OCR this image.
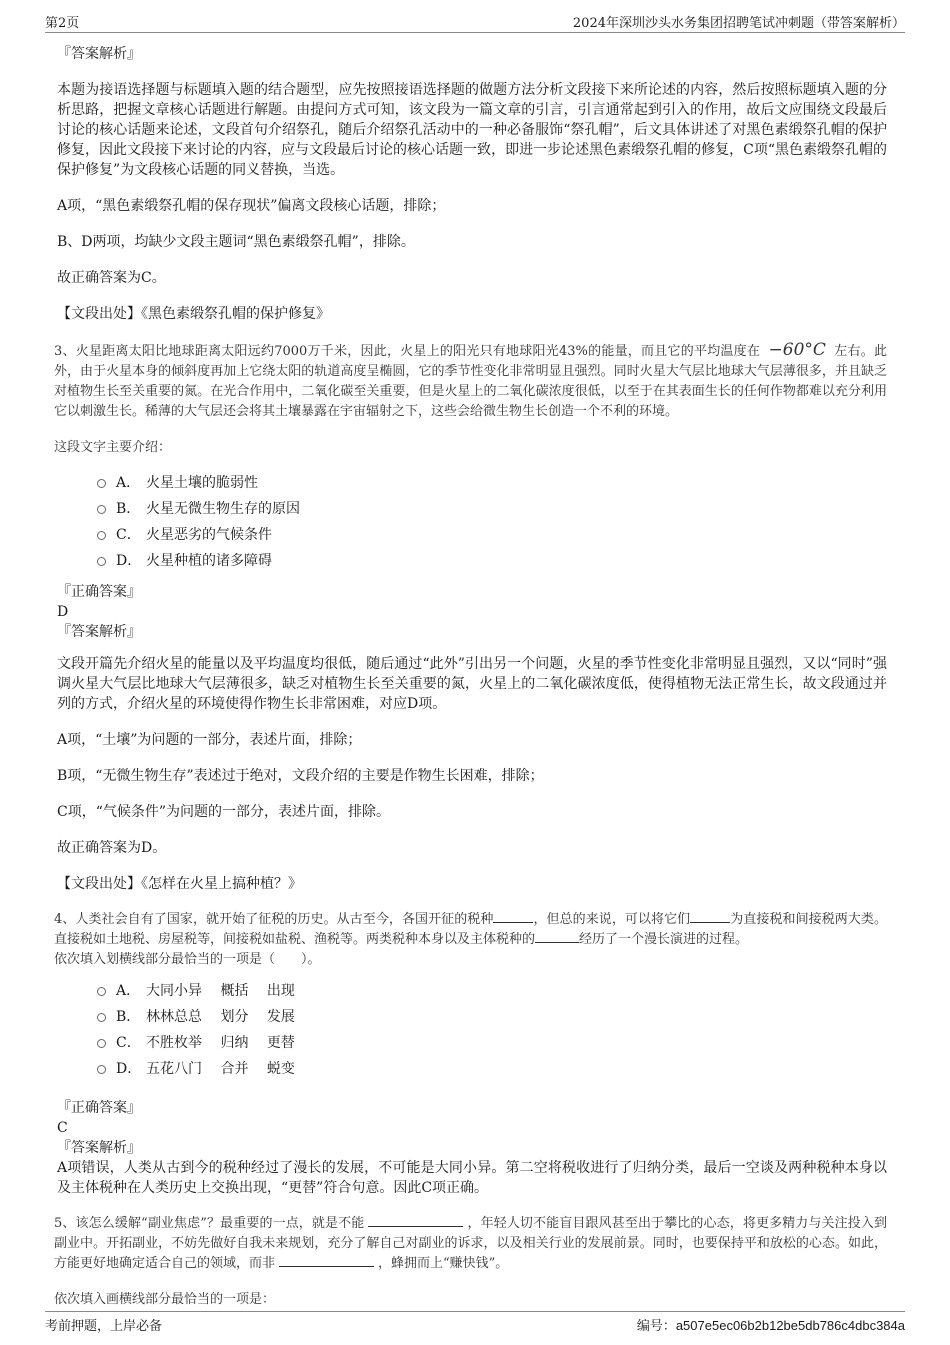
第2页	2024年深圳沙头水务集团招聘笔试冲刺题（带答案解析）

『答案解析』

本题为接语选择题与标题填入题的结合题型，应先按照接语选择题的做题方法分析文段接下来所论述的内容，然后按照标题填入题的分析思路，把握文章核心话题进行解题。由提问方式可知，该文段为一篇文章的引言，引言通常起到引入的作用，故后文应围绕文段最后讨论的核心话题来论述，文段首句介绍祭孔，随后介绍祭孔活动中的一种必备服饰“祭孔帽”，后文具体讲述了对黑色素缎祭孔帽的保护修复，因此文段接下来讨论的内容，应与文段最后讨论的核心话题一致，即进一步论述黑色素缎祭孔帽的修复，C项“黑色素缎祭孔帽的保护修复”为文段核心话题的同义替换，当选。

A项，“黑色素缎祭孔帽的保存现状”偏离文段核心话题，排除；

B、D两项，均缺少文段主题词“黑色素缎祭孔帽”，排除。

故正确答案为C。

【文段出处】《黑色素缎祭孔帽的保护修复》

3、火星距离太阳比地球距离太阳远约7000万千米，因此，火星上的阳光只有地球阳光43%的能量，而且它的平均温度在 −60°C 左右。此外，由于火星本身的倾斜度再加上它绕太阳的轨道高度呈椭圆，它的季节性变化非常明显且强烈。同时火星大气层比地球大气层薄很多，并且缺乏对植物生长至关重要的氮。在光合作用中，二氧化碳至关重要，但是火星上的二氧化碳浓度很低，以至于在其表面生长的任何作物都难以充分利用它以刺激生长。稀薄的大气层还会将其土壤暴露在宇宙辐射之下，这些会给微生物生长创造一个不利的环境。

这段文字主要介绍：

A． 火星土壤的脆弱性
B． 火星无微生物生存的原因
C． 火星恶劣的气候条件
D． 火星种植的诸多障碍

『正确答案』

D

『答案解析』

文段开篇先介绍火星的能量以及平均温度均很低，随后通过“此外”引出另一个问题，火星的季节性变化非常明显且强烈，又以“同时”强调火星大气层比地球大气层薄很多，缺乏对植物生长至关重要的氮，火星上的二氧化碳浓度低，使得植物无法正常生长，故文段通过并列的方式，介绍火星的环境使得作物生长非常困难，对应D项。

A项，“土壤”为问题的一部分，表述片面，排除；

B项，“无微生物生存”表述过于绝对，文段介绍的主要是作物生长困难，排除；

C项，“气候条件”为问题的一部分，表述片面，排除。

故正确答案为D。

【文段出处】《怎样在火星上搞种植？》

4、人类社会自有了国家，就开始了征税的历史。从古至今，各国开征的税种	，但总的来说，可以将它们	为直接税和间接税两大类。直接税如土地税、房屋税等，间接税如盐税、渔税等。两类税种本身以及主体税种的	经历了一个漫长演进的过程。

依次填入划横线部分最恰当的一项是（　　）。

A． 大同小异　 概括　 出现
B． 林林总总　 划分　 发展
C． 不胜枚举　 归纳　 更替
D． 五花八门　 合并　 蜕变

『正确答案』

C

『答案解析』

A项错误，人类从古到今的税种经过了漫长的发展，不可能是大同小异。第二空将税收进行了归纳分类，最后一空谈及两种税种本身以及主体税种在人类历史上交换出现，“更替”符合句意。因此C项正确。

5、该怎么缓解“副业焦虑”？最重要的一点，就是不能	，年轻人切不能盲目跟风甚至出于攀比的心态，将更多精力与关注投入到副业中。开拓副业，不妨先做好自我未来规划，充分了解自己对副业的诉求，以及相关行业的发展前景。同时，也要保持平和放松的心态。如此，方能更好地确定适合自己的领域，而非	，蜂拥而上“赚快钱”。

依次填入画横线部分最恰当的一项是：

考前押题，上岸必备	编号：a507e5ec06b2b12be5db786c4dbc384a
